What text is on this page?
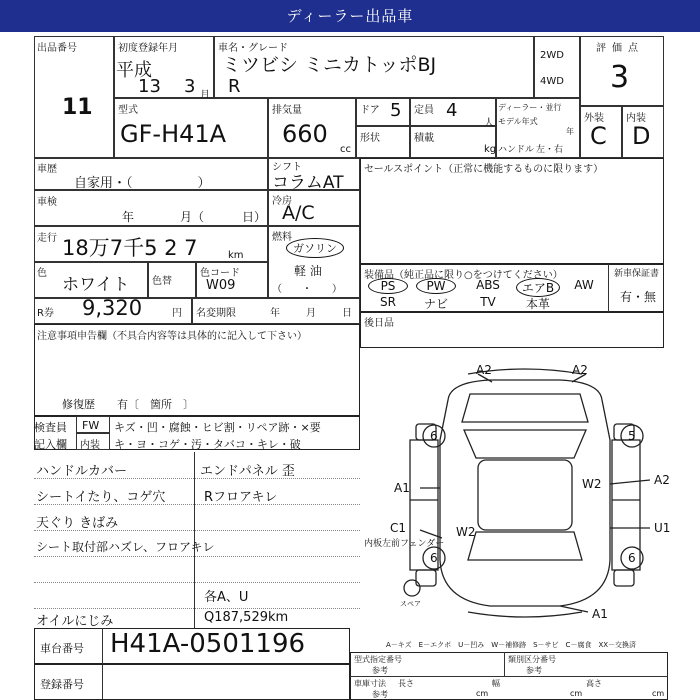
ディーラー出品車
出品番号
11
初度登録年月
平成
13 3 月 R
車名・グレード
ミツビシ ミニカトッポBJ	2WD
4WD
評価点
3
型式
GF-H41A
排気量
660
cc
ドア 5 定員 4
人
形状	積載
kg
ディーラー・並行
モデル年式
年
ハンドル 左・右
外装 内装
C D
車歴
自家用・（　　　　　）
シフト
コラムAT
車検
年	月（	日）
冷房
A/C
走行 18万7千5 2 7	km
燃料
ガソリン
軽 油
（　　・　　）
色
ホワイト 色替
色コード
W09
R券 9,320	円 名変期限	年	月	日
セールスポイント（正常に機能するものに限ります）
装備品（純正品に限り○をつけてください）	新車保証書
有・無
PS	PW	ABS	エアB	AW
SR	ナビ	TV	本革
後日品
注意事項申告欄（不具合内容等は具体的に記入して下さい）
修復歴　　有〔　箇所　〕
検査員 FW キズ・凹・腐蝕・ヒビ割・リペア跡・×要
記入欄 内装 キ・ヨ・コゲ・汚・タバコ・キレ・破
ハンドルカバー
シートイたり、コゲ穴
天ぐり きばみ
シート取付部ハズレ、フロアキレ
オイルにじみ
エンドパネル 歪
Rフロアキレ
各A、U
Q187,529km
A2	A2
6	5
A1	W2	A2
C1	W2	U1
6	6
A1
スペア
内板左前フェンダー
車台番号 H41A-0501196
登録番号
A－キズ　E－エクボ　U－凹み　W－補修跡　S－サビ　C－腐食　XX－交換済
型式指定番号
参考
類別区分番号
参考
車庫寸法
参考
長さ
cm
幅
cm
高さ
cm
